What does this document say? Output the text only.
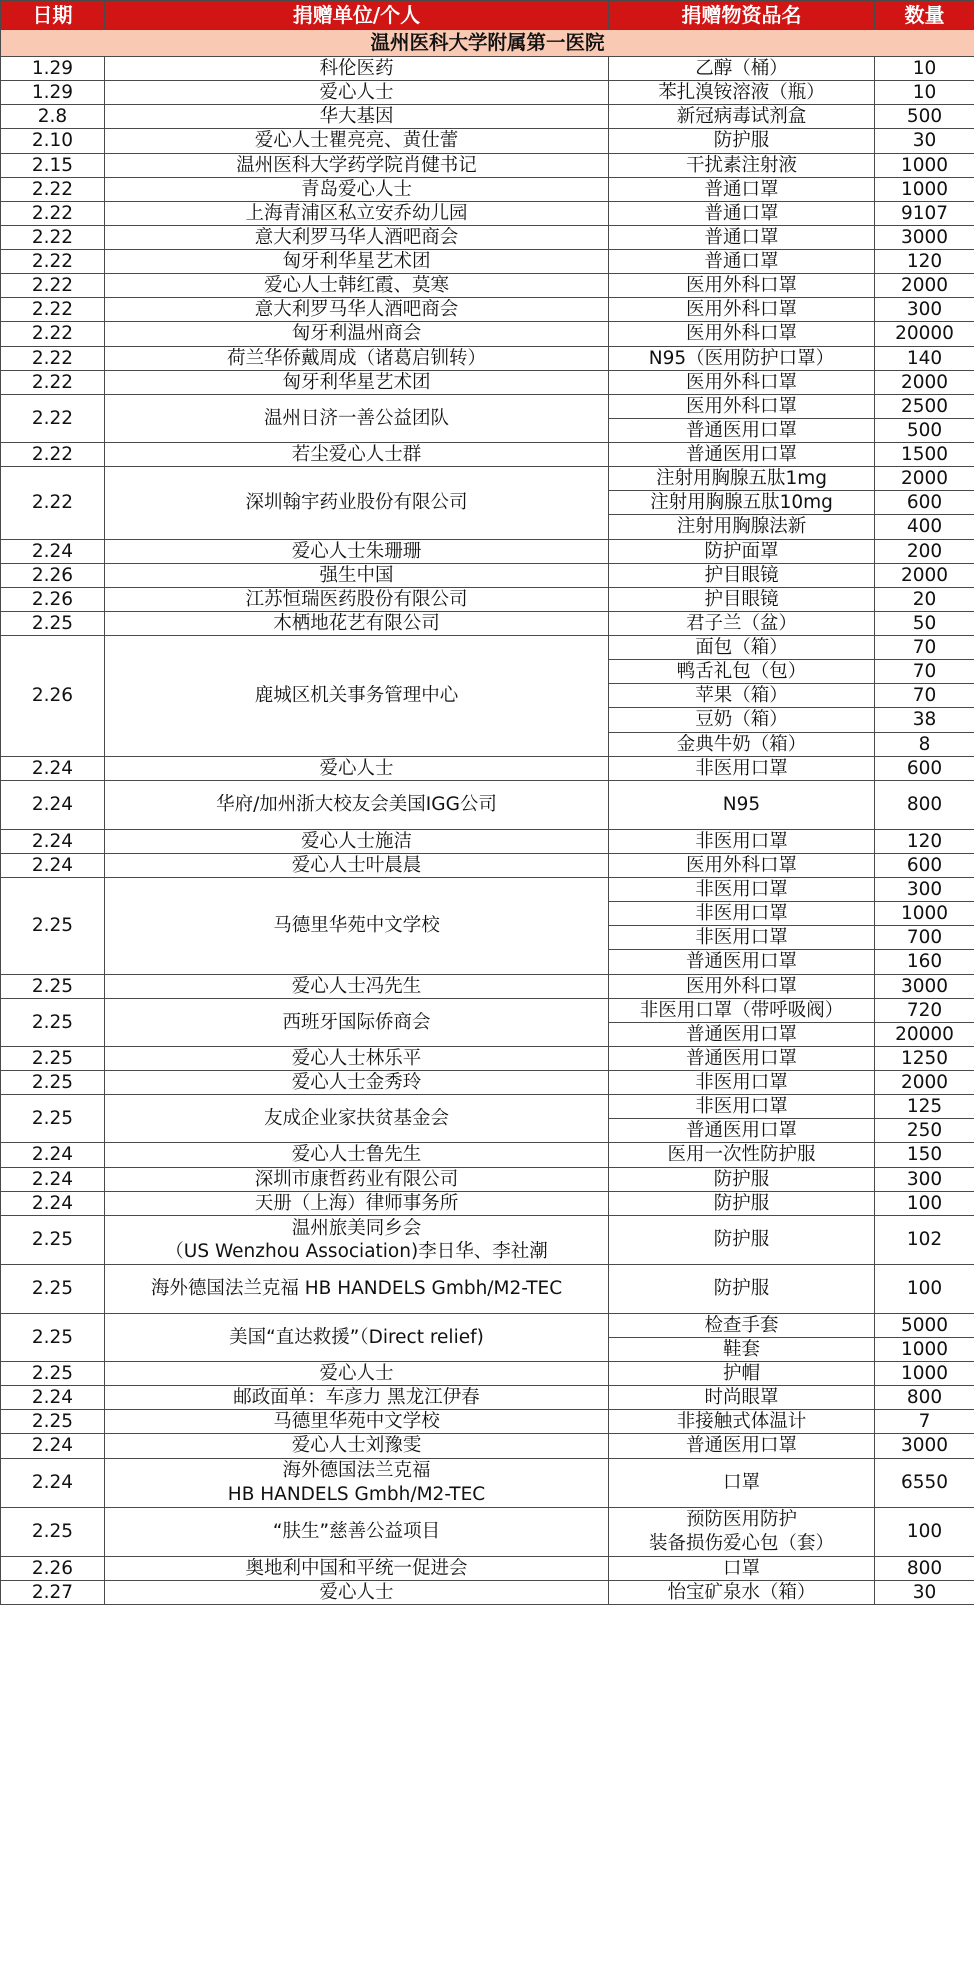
日期	捐赠单位/个人	捐赠物资品名	数量
温州医科大学附属第一医院			
1.29	科伦医药	乙醇（桶）	10
1.29	爱心人士	苯扎溴铵溶液（瓶）	10
2.8	华大基因	新冠病毒试剂盒	500
2.10	爱心人士瞿亮亮、黄仕蕾	防护服	30
2.15	温州医科大学药学院肖健书记	干扰素注射液	1000
2.22	青岛爱心人士	普通口罩	1000
2.22	上海青浦区私立安乔幼儿园	普通口罩	9107
2.22	意大利罗马华人酒吧商会	普通口罩	3000
2.22	匈牙利华星艺术团	普通口罩	120
2.22	爱心人士韩红霞、莫寒	医用外科口罩	2000
2.22	意大利罗马华人酒吧商会	医用外科口罩	300
2.22	匈牙利温州商会	医用外科口罩	20000
2.22	荷兰华侨戴周成（诸葛启钏转）	N95（医用防护口罩）	140
2.22	匈牙利华星艺术团	医用外科口罩	2000
2.22	温州日济一善公益团队	医用外科口罩	2500
		普通医用口罩	500
2.22	若尘爱心人士群	普通医用口罩	1500
2.22	深圳翰宇药业股份有限公司	注射用胸腺五肽1mg	2000
		注射用胸腺五肽10mg	600
		注射用胸腺法新	400
2.24	爱心人士朱珊珊	防护面罩	200
2.26	强生中国	护目眼镜	2000
2.26	江苏恒瑞医药股份有限公司	护目眼镜	20
2.25	木栖地花艺有限公司	君子兰（盆）	50
2.26	鹿城区机关事务管理中心	面包（箱）	70
		鸭舌礼包（包）	70
		苹果（箱）	70
		豆奶（箱）	38
		金典牛奶（箱）	8
2.24	爱心人士	非医用口罩	600
2.24	华府/加州浙大校友会美国IGG公司	N95	800
2.24	爱心人士施洁	非医用口罩	120
2.24	爱心人士叶晨晨	医用外科口罩	600
2.25	马德里华苑中文学校	非医用口罩	300
		非医用口罩	1000
		非医用口罩	700
		普通医用口罩	160
2.25	爱心人士冯先生	医用外科口罩	3000
2.25	西班牙国际侨商会	非医用口罩（带呼吸阀）	720
		普通医用口罩	20000
2.25	爱心人士林乐平	普通医用口罩	1250
2.25	爱心人士金秀玲	非医用口罩	2000
2.25	友成企业家扶贫基金会	非医用口罩	125
		普通医用口罩	250
2.24	爱心人士鲁先生	医用一次性防护服	150
2.24	深圳市康哲药业有限公司	防护服	300
2.24	天册（上海）律师事务所	防护服	100
2.25	温州旅美同乡会
（US Wenzhou Association)李日华、李社潮	防护服	102
2.25	海外德国法兰克福 HB HANDELS Gmbh/M2-TEC	防护服	100
2.25	美国“直达救援”（Direct relief)	检查手套	5000
		鞋套	1000
2.25	爱心人士	护帽	1000
2.24	邮政面单：车彦力 黑龙江伊春	时尚眼罩	800
2.25	马德里华苑中文学校	非接触式体温计	7
2.24	爱心人士刘豫雯	普通医用口罩	3000
2.24	海外德国法兰克福
HB HANDELS Gmbh/M2-TEC	口罩	6550
2.25	“肤生”慈善公益项目	预防医用防护
装备损伤爱心包（套）	100
2.26	奥地利中国和平统一促进会	口罩	800
2.27	爱心人士	怡宝矿泉水（箱）	30
